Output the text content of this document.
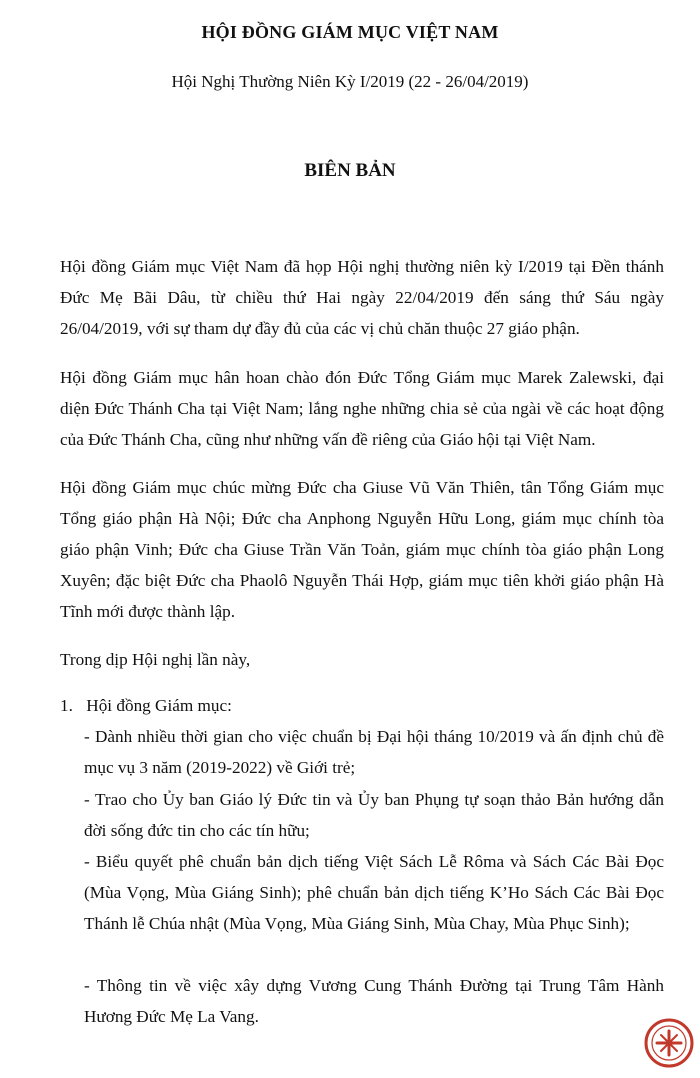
HỘI ĐỒNG GIÁM MỤC VIỆT NAM
Hội Nghị Thường Niên Kỳ I/2019 (22 - 26/04/2019)
BIÊN BẢN
Hội đồng Giám mục Việt Nam đã họp Hội nghị thường niên kỳ I/2019 tại Đền thánh Đức Mẹ Bãi Dâu, từ chiều thứ Hai ngày 22/04/2019 đến sáng thứ Sáu ngày 26/04/2019, với sự tham dự đầy đủ của các vị chủ chăn thuộc 27 giáo phận.
Hội đồng Giám mục hân hoan chào đón Đức Tổng Giám mục Marek Zalewski, đại diện Đức Thánh Cha tại Việt Nam; lắng nghe những chia sẻ của ngài về các hoạt động của Đức Thánh Cha, cũng như những vấn đề riêng của Giáo hội tại Việt Nam.
Hội đồng Giám mục chúc mừng Đức cha Giuse Vũ Văn Thiên, tân Tổng Giám mục Tổng giáo phận Hà Nội; Đức cha Anphong Nguyễn Hữu Long, giám mục chính tòa giáo phận Vinh; Đức cha Giuse Trần Văn Toản, giám mục chính tòa giáo phận Long Xuyên; đặc biệt Đức cha Phaolô Nguyễn Thái Hợp, giám mục tiên khởi giáo phận Hà Tĩnh mới được thành lập.
Trong dịp Hội nghị lần này,
1. Hội đồng Giám mục:
- Dành nhiều thời gian cho việc chuẩn bị Đại hội tháng 10/2019 và ấn định chủ đề mục vụ 3 năm (2019-2022) về Giới trẻ;
- Trao cho Ủy ban Giáo lý Đức tin và Ủy ban Phụng tự soạn thảo Bản hướng dẫn đời sống đức tin cho các tín hữu;
- Biểu quyết phê chuẩn bản dịch tiếng Việt Sách Lễ Rôma và Sách Các Bài Đọc (Mùa Vọng, Mùa Giáng Sinh); phê chuẩn bản dịch tiếng K’Ho Sách Các Bài Đọc Thánh lễ Chúa nhật (Mùa Vọng, Mùa Giáng Sinh, Mùa Chay, Mùa Phục Sinh);
- Thông tin về việc xây dựng Vương Cung Thánh Đường tại Trung Tâm Hành Hương Đức Mẹ La Vang.
